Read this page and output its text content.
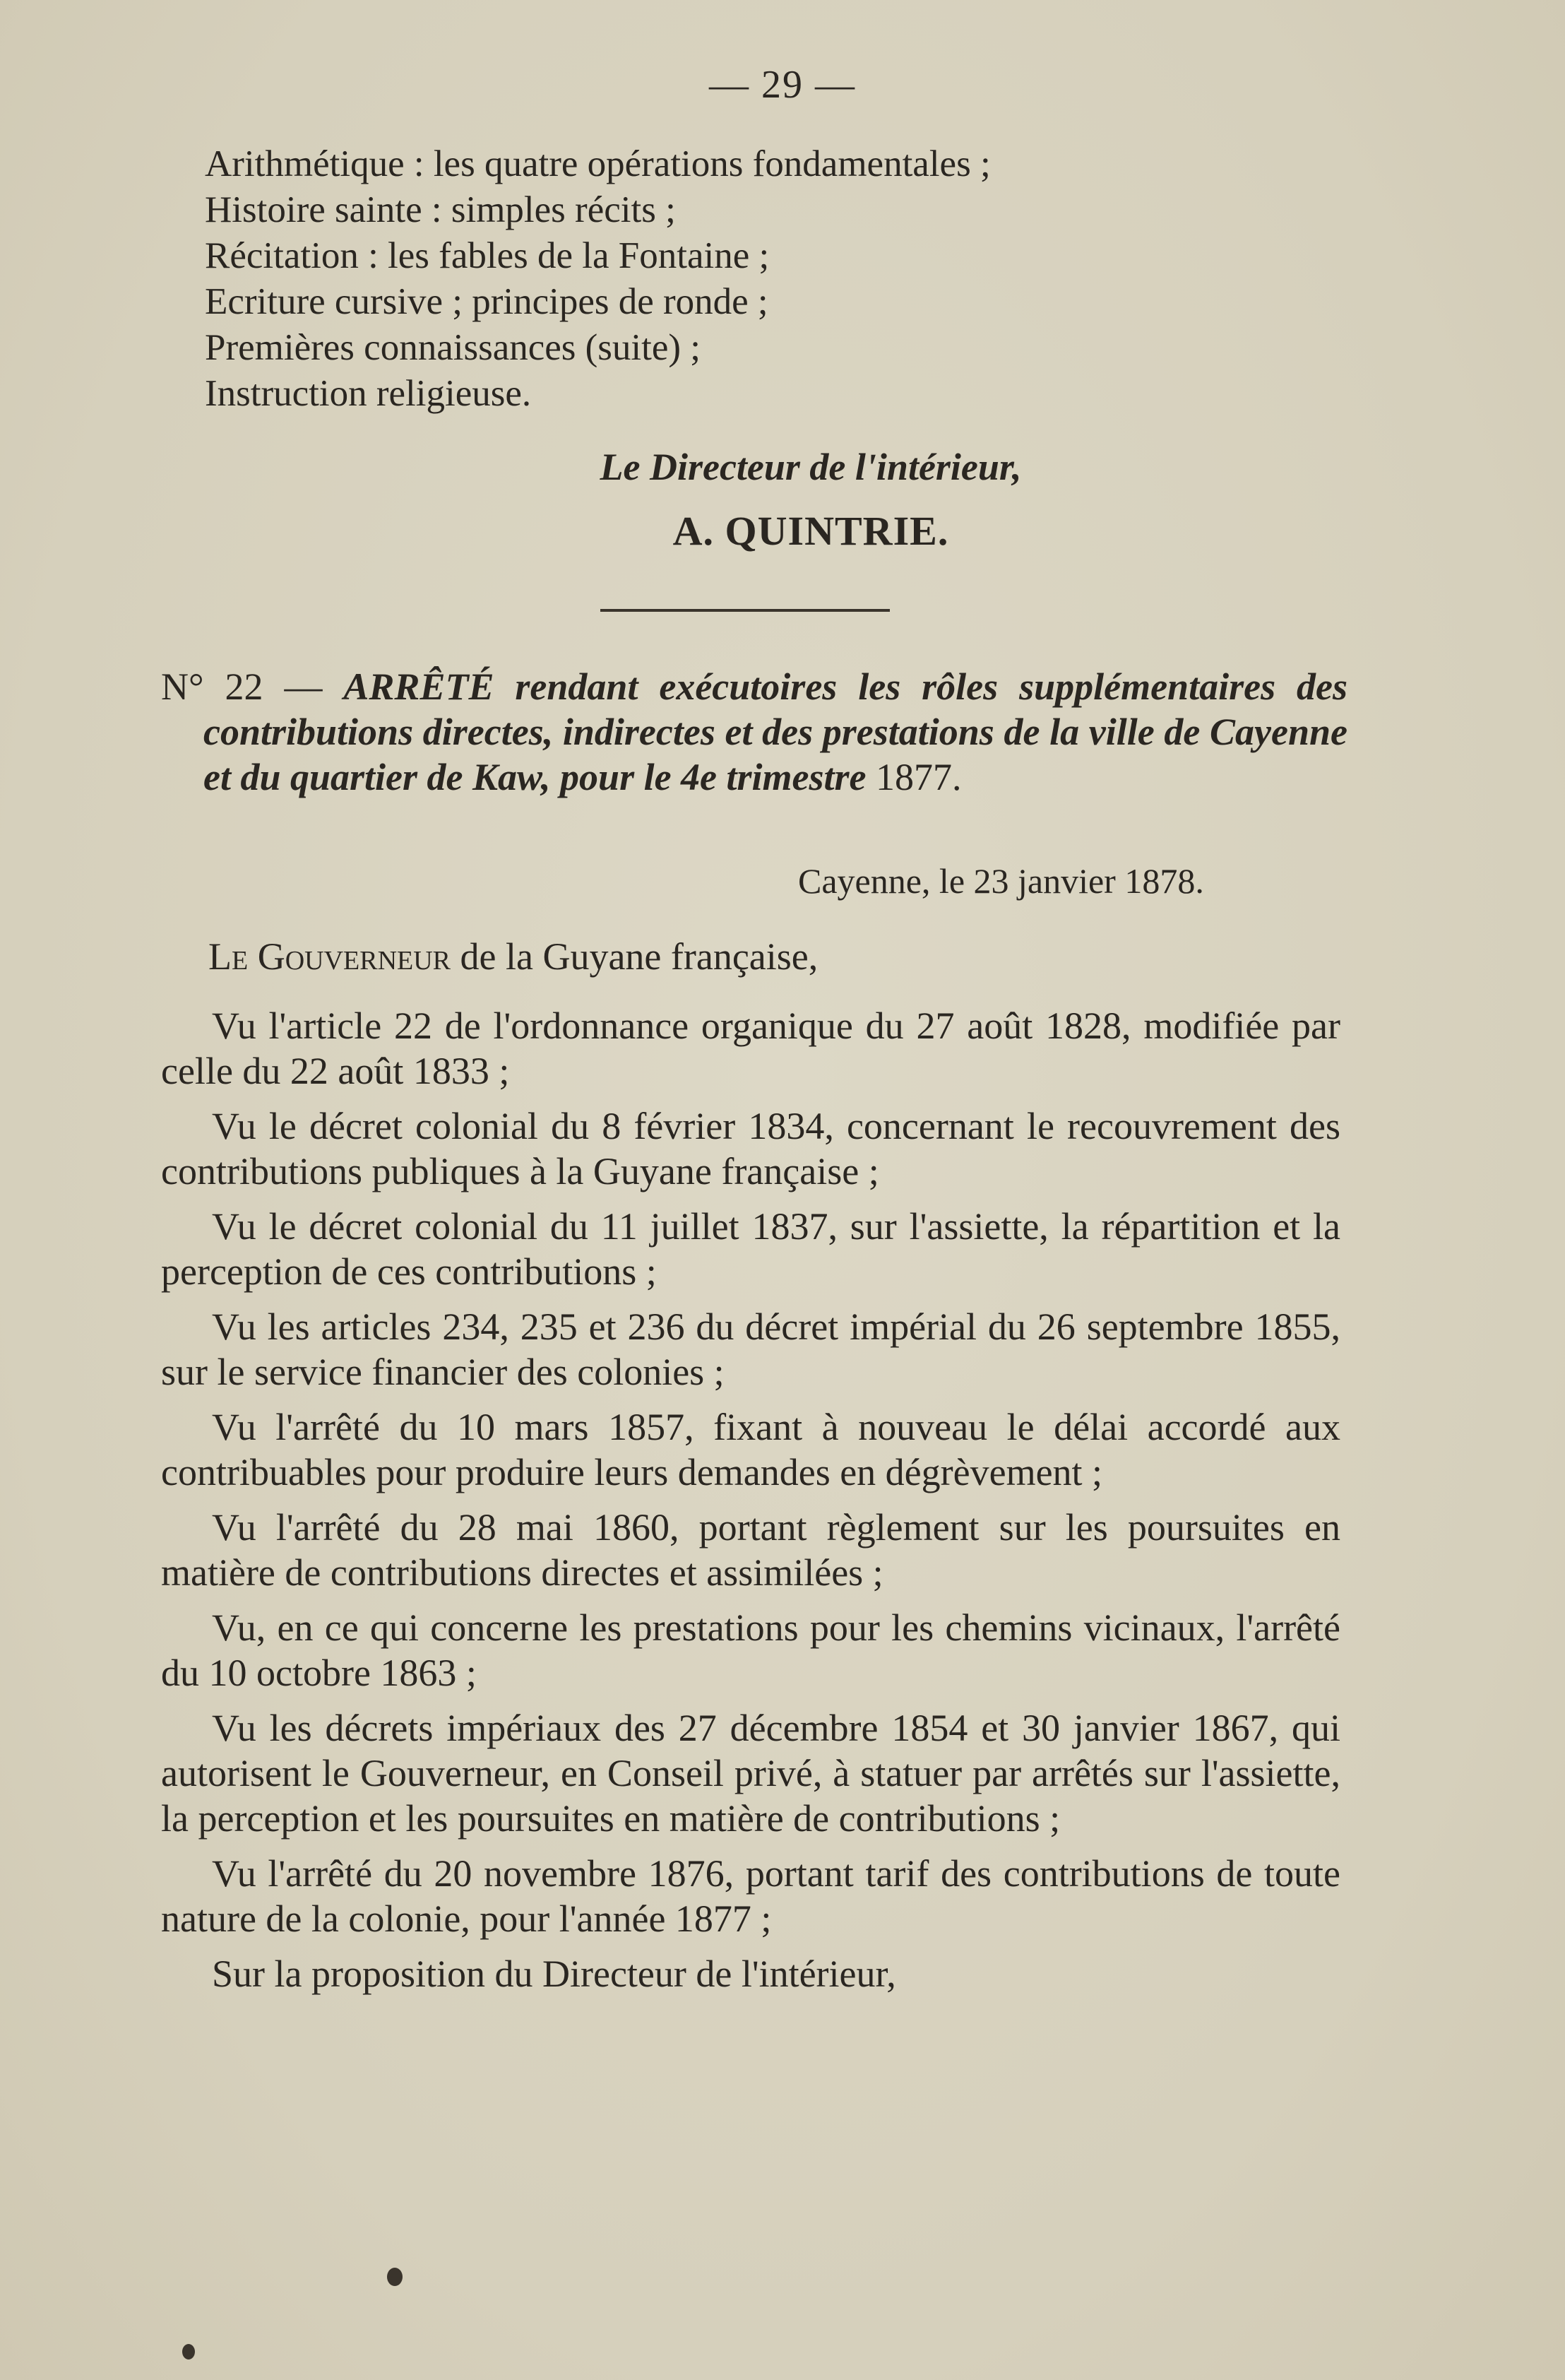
— 29 —
Arithmétique : les quatre opérations fondamentales ;
Histoire sainte : simples récits ;
Récitation : les fables de la Fontaine ;
Ecriture cursive ; principes de ronde ;
Premières connaissances (suite) ;
Instruction religieuse.
Le Directeur de l'intérieur,
A. QUINTRIE.

N° 22 — ARRÊTÉ rendant exécutoires les rôles supplémentaires des contributions directes, indirectes et des prestations de la ville de Cayenne et du quartier de Kaw, pour le 4e trimestre 1877.

Cayenne, le 23 janvier 1878.
Le Gouverneur de la Guyane française,

Vu l'article 22 de l'ordonnance organique du 27 août 1828, modifiée par celle du 22 août 1833 ;

Vu le décret colonial du 8 février 1834, concernant le recouvrement des contributions publiques à la Guyane française ;

Vu le décret colonial du 11 juillet 1837, sur l'assiette, la répartition et la perception de ces contributions ;

Vu les articles 234, 235 et 236 du décret impérial du 26 septembre 1855, sur le service financier des colonies ;

Vu l'arrêté du 10 mars 1857, fixant à nouveau le délai accordé aux contribuables pour produire leurs demandes en dégrèvement ;

Vu l'arrêté du 28 mai 1860, portant règlement sur les poursuites en matière de contributions directes et assimilées ;

Vu, en ce qui concerne les prestations pour les chemins vicinaux, l'arrêté du 10 octobre 1863 ;

Vu les décrets impériaux des 27 décembre 1854 et 30 janvier 1867, qui autorisent le Gouverneur, en Conseil privé, à statuer par arrêtés sur l'assiette, la perception et les poursuites en matière de contributions ;

Vu l'arrêté du 20 novembre 1876, portant tarif des contributions de toute nature de la colonie, pour l'année 1877 ;

Sur la proposition du Directeur de l'intérieur,
